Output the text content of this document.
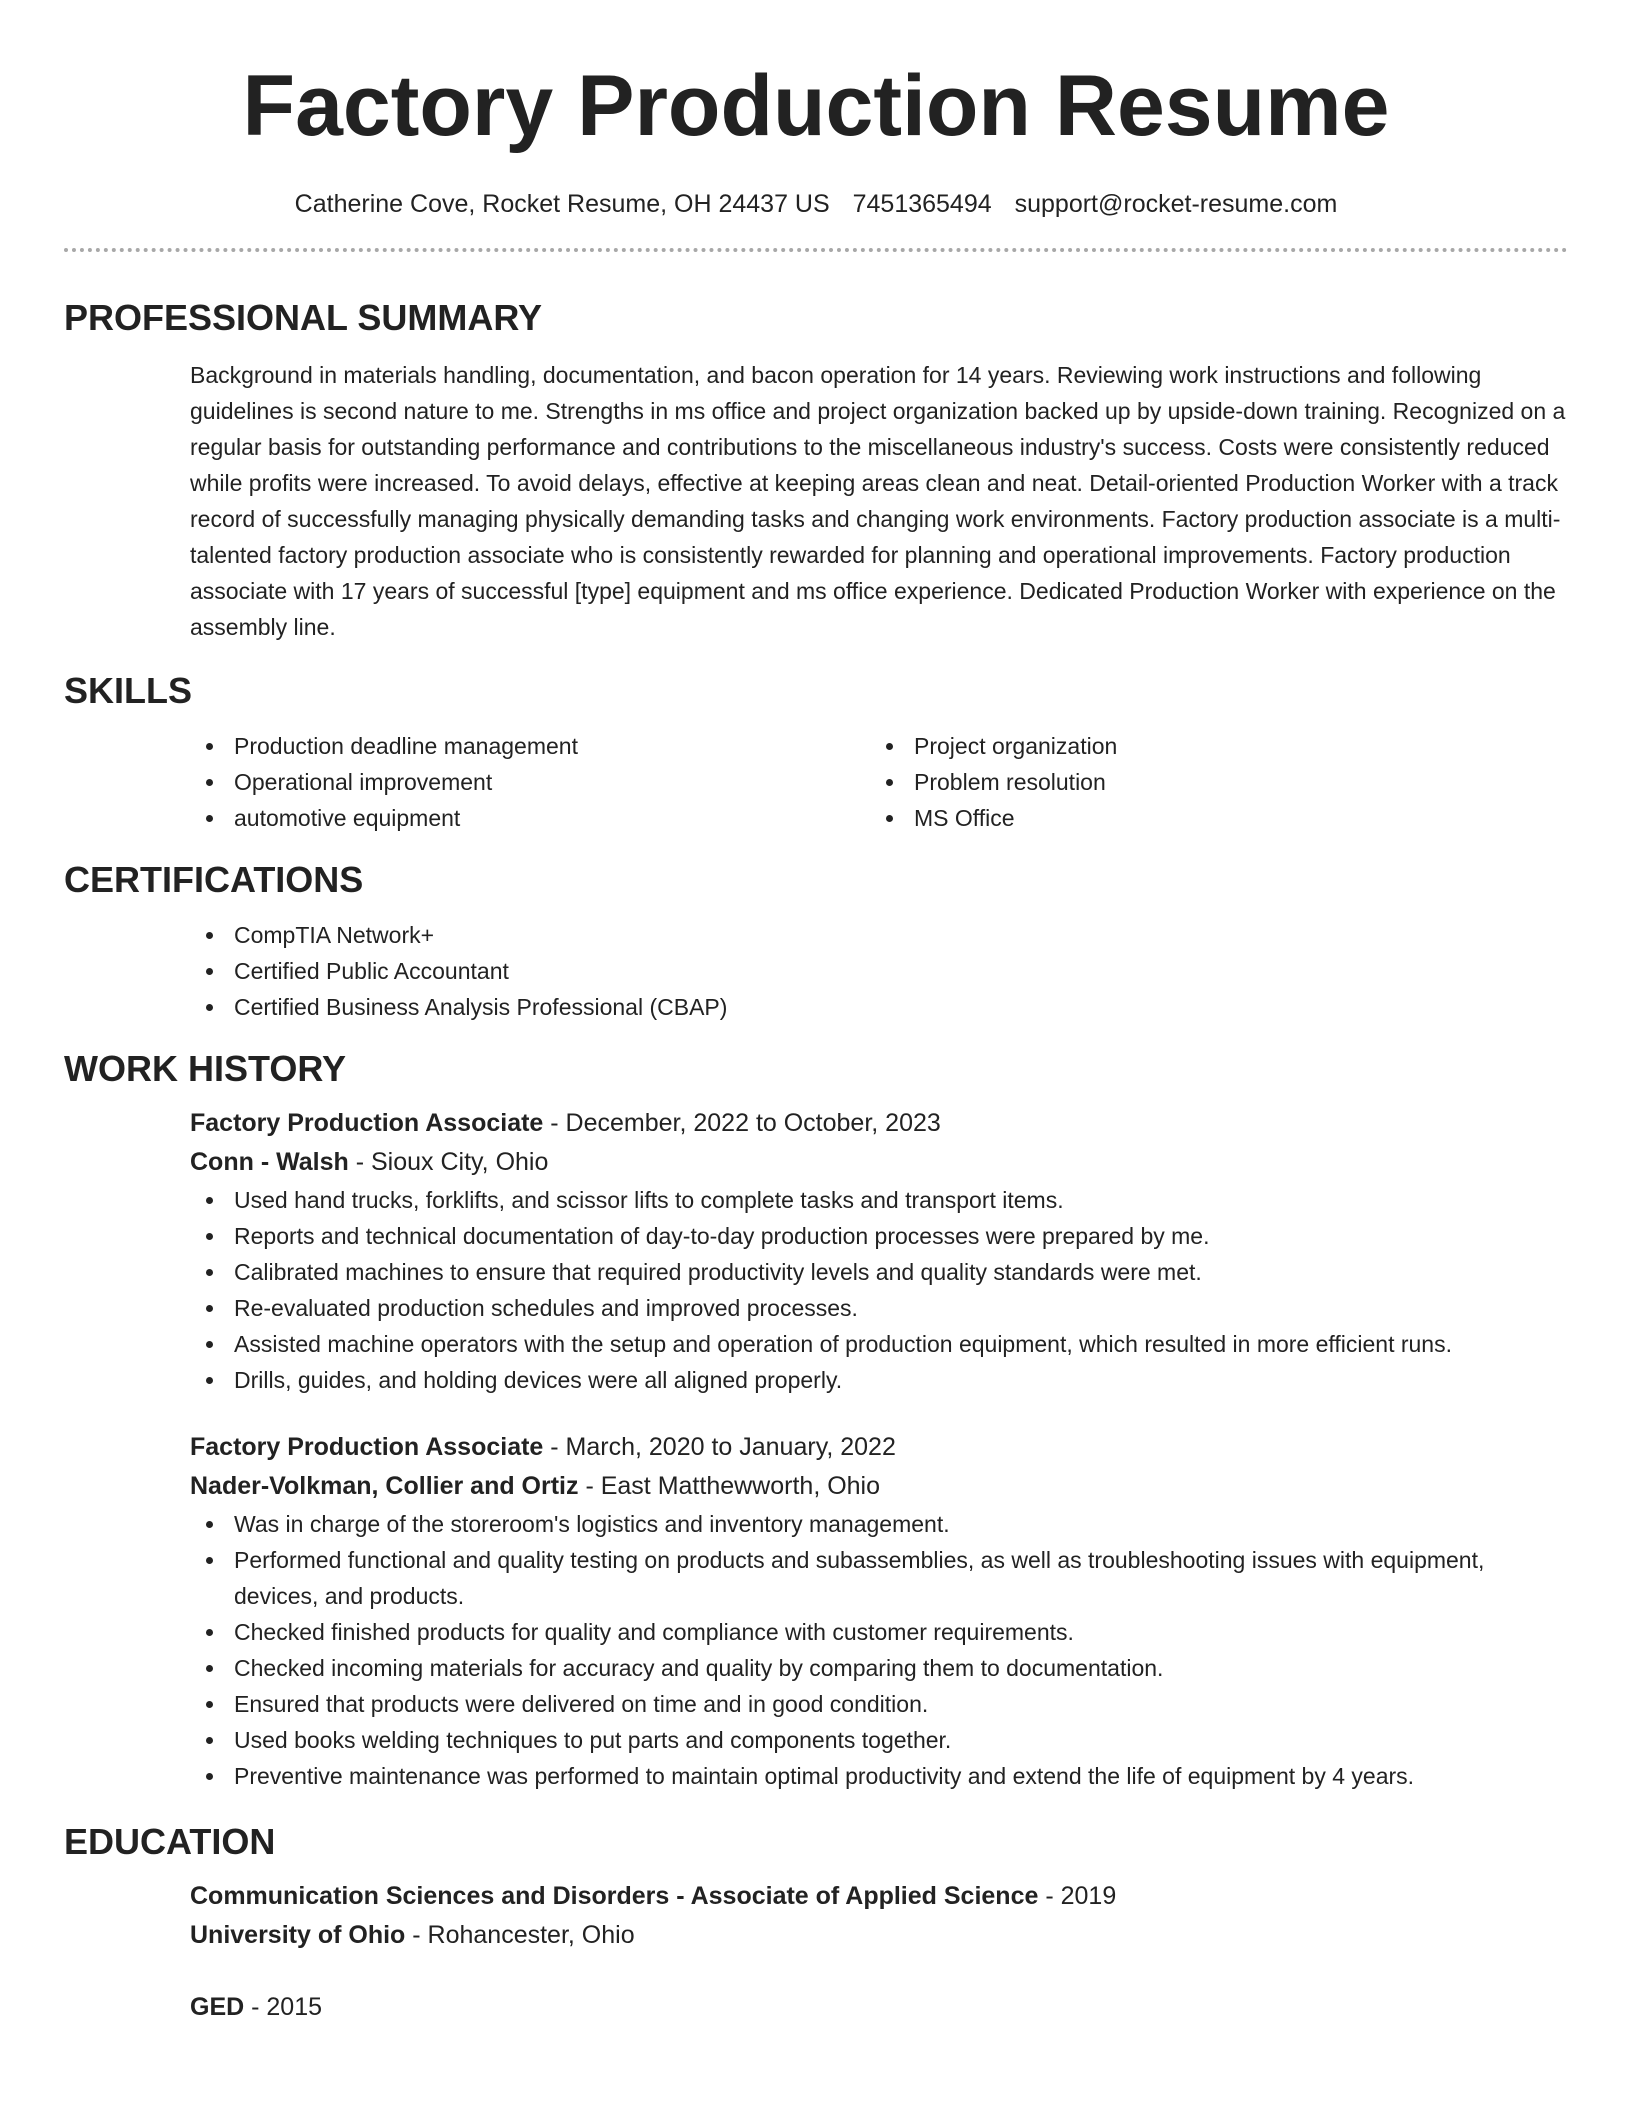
Factory Production Resume
Catherine Cove, Rocket Resume, OH 24437 US 7451365494 support@rocket-resume.com
PROFESSIONAL SUMMARY

Background in materials handling, documentation, and bacon operation for 14 years. Reviewing work instructions and following guidelines is second nature to me. Strengths in ms office and project organization backed up by upside-down training. Recognized on a regular basis for outstanding performance and contributions to the miscellaneous industry's success. Costs were consistently reduced while profits were increased. To avoid delays, effective at keeping areas clean and neat. Detail-oriented Production Worker with a track record of successfully managing physically demanding tasks and changing work environments. Factory production associate is a multi-talented factory production associate who is consistently rewarded for planning and operational improvements. Factory production associate with 17 years of successful [type] equipment and ms office experience. Dedicated Production Worker with experience on the assembly line.

SKILLS
Production deadline management
Operational improvement
automotive equipment
Project organization
Problem resolution
MS Office
CERTIFICATIONS
CompTIA Network+
Certified Public Accountant
Certified Business Analysis Professional (CBAP)
WORK HISTORY
Factory Production Associate - December, 2022 to October, 2023
Conn - Walsh - Sioux City, Ohio
Used hand trucks, forklifts, and scissor lifts to complete tasks and transport items.
Reports and technical documentation of day-to-day production processes were prepared by me.
Calibrated machines to ensure that required productivity levels and quality standards were met.
Re-evaluated production schedules and improved processes.
Assisted machine operators with the setup and operation of production equipment, which resulted in more efficient runs.
Drills, guides, and holding devices were all aligned properly.
Factory Production Associate - March, 2020 to January, 2022
Nader-Volkman, Collier and Ortiz - East Matthewworth, Ohio
Was in charge of the storeroom's logistics and inventory management.
Performed functional and quality testing on products and subassemblies, as well as troubleshooting issues with equipment, devices, and products.
Checked finished products for quality and compliance with customer requirements.
Checked incoming materials for accuracy and quality by comparing them to documentation.
Ensured that products were delivered on time and in good condition.
Used books welding techniques to put parts and components together.
Preventive maintenance was performed to maintain optimal productivity and extend the life of equipment by 4 years.
EDUCATION
Communication Sciences and Disorders - Associate of Applied Science - 2019
University of Ohio - Rohancester, Ohio
GED - 2015
